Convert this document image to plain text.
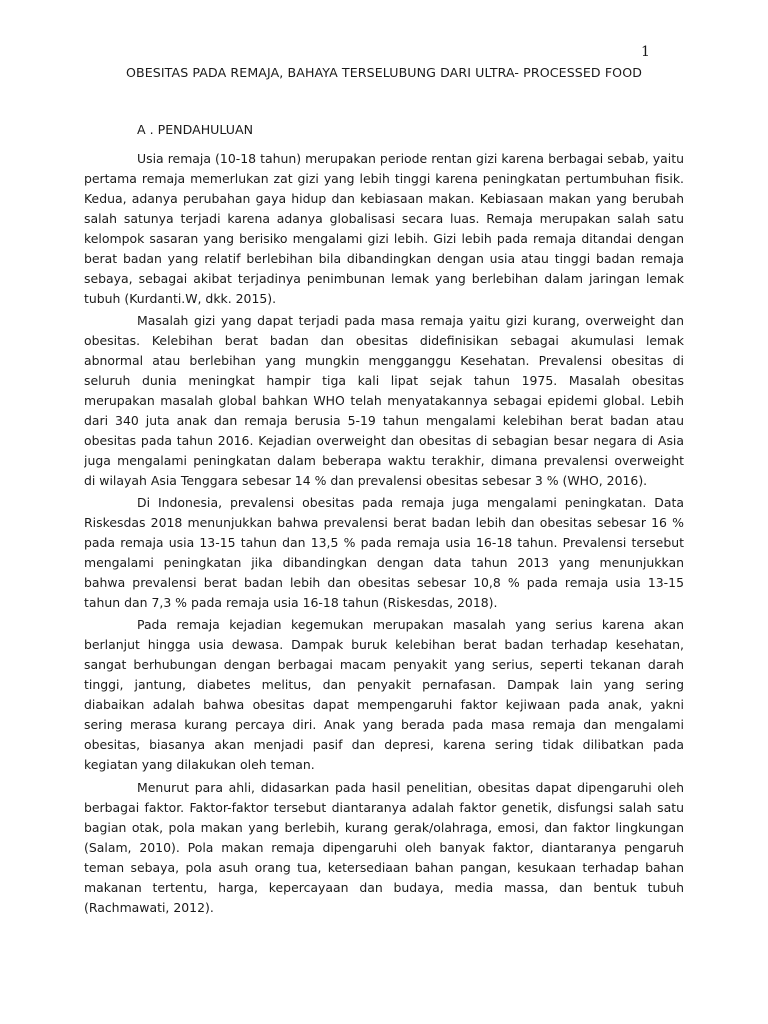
1
OBESITAS PADA REMAJA, BAHAYA TERSELUBUNG DARI ULTRA- PROCESSED FOOD
A . PENDAHULUAN
Usia remaja (10-18 tahun) merupakan periode rentan gizi karena berbagai sebab, yaitu
pertama remaja memerlukan zat gizi yang lebih tinggi karena peningkatan pertumbuhan fisik.
Kedua, adanya perubahan gaya hidup dan kebiasaan makan. Kebiasaan makan yang berubah
salah satunya terjadi karena adanya globalisasi secara luas. Remaja merupakan salah satu
kelompok sasaran yang berisiko mengalami gizi lebih. Gizi lebih pada remaja ditandai dengan
berat badan yang relatif berlebihan bila dibandingkan dengan usia atau tinggi badan remaja
sebaya, sebagai akibat terjadinya penimbunan lemak yang berlebihan dalam jaringan lemak
tubuh (Kurdanti.W, dkk. 2015).
Masalah gizi yang dapat terjadi pada masa remaja yaitu gizi kurang, overweight dan
obesitas. Kelebihan berat badan dan obesitas didefinisikan sebagai akumulasi lemak
abnormal atau berlebihan yang mungkin mengganggu Kesehatan. Prevalensi obesitas di
seluruh dunia meningkat hampir tiga kali lipat sejak tahun 1975. Masalah obesitas
merupakan masalah global bahkan WHO telah menyatakannya sebagai epidemi global. Lebih
dari 340 juta anak dan remaja berusia 5-19 tahun mengalami kelebihan berat badan atau
obesitas pada tahun 2016. Kejadian overweight dan obesitas di sebagian besar negara di Asia
juga mengalami peningkatan dalam beberapa waktu terakhir, dimana prevalensi overweight
di wilayah Asia Tenggara sebesar 14 % dan prevalensi obesitas sebesar 3 % (WHO, 2016).
Di Indonesia, prevalensi obesitas pada remaja juga mengalami peningkatan. Data
Riskesdas 2018 menunjukkan bahwa prevalensi berat badan lebih dan obesitas sebesar 16 %
pada remaja usia 13-15 tahun dan 13,5 % pada remaja usia 16-18 tahun. Prevalensi tersebut
mengalami peningkatan jika dibandingkan dengan data tahun 2013 yang menunjukkan
bahwa prevalensi berat badan lebih dan obesitas sebesar 10,8 % pada remaja usia 13-15
tahun dan 7,3 % pada remaja usia 16-18 tahun (Riskesdas, 2018).
Pada remaja kejadian kegemukan merupakan masalah yang serius karena akan
berlanjut hingga usia dewasa. Dampak buruk kelebihan berat badan terhadap kesehatan,
sangat berhubungan dengan berbagai macam penyakit yang serius, seperti tekanan darah
tinggi, jantung, diabetes melitus, dan penyakit pernafasan. Dampak lain yang sering
diabaikan adalah bahwa obesitas dapat mempengaruhi faktor kejiwaan pada anak, yakni
sering merasa kurang percaya diri. Anak yang berada pada masa remaja dan mengalami
obesitas, biasanya akan menjadi pasif dan depresi, karena sering tidak dilibatkan pada
kegiatan yang dilakukan oleh teman.
Menurut para ahli, didasarkan pada hasil penelitian, obesitas dapat dipengaruhi oleh
berbagai faktor. Faktor-faktor tersebut diantaranya adalah faktor genetik, disfungsi salah satu
bagian otak, pola makan yang berlebih, kurang gerak/olahraga, emosi, dan faktor lingkungan
(Salam, 2010). Pola makan remaja dipengaruhi oleh banyak faktor, diantaranya pengaruh
teman sebaya, pola asuh orang tua, ketersediaan bahan pangan, kesukaan terhadap bahan
makanan tertentu, harga, kepercayaan dan budaya, media massa, dan bentuk tubuh
(Rachmawati, 2012).
